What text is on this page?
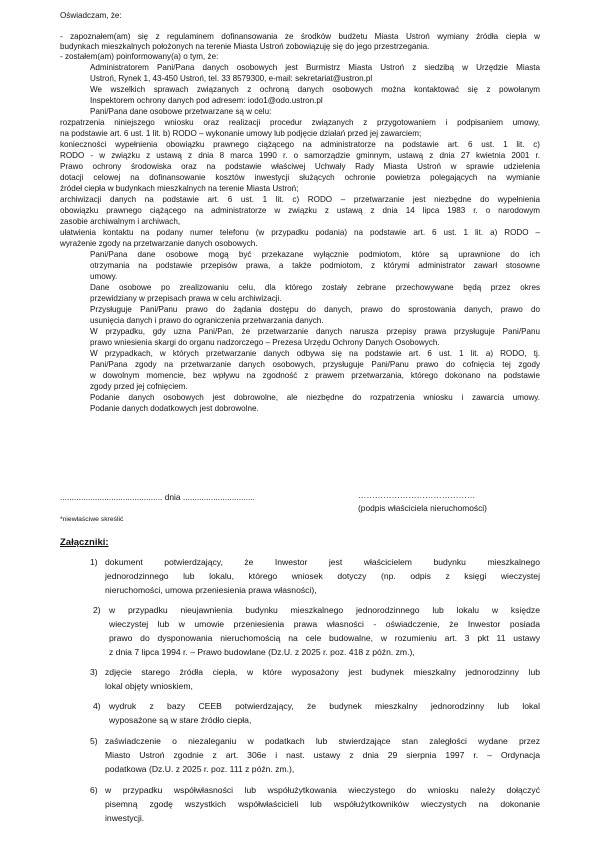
Oświadczam, że:
- zapoznałem(am) się z regulaminem dofinansowania ze środków budżetu Miasta Ustroń wymiany źródła ciepła w
budynkach mieszkalnych położonych na terenie Miasta Ustroń zobowiązuję się do jego przestrzegania.
- zostałem(am) poinformowany(a) o tym, że:
Administratorem Pani/Pana danych osobowych jest Burmistrz Miasta Ustroń z siedzibą w Urzędzie Miasta
Ustroń, Rynek 1, 43-450 Ustroń, tel. 33 8579300, e-mail: sekretariat@ustron.pl
We wszelkich sprawach związanych z ochroną danych osobowych można kontaktować się z powołanym
Inspektorem ochrony danych pod adresem: iodo1@odo.ustron.pl
Pani/Pana dane osobowe przetwarzane są w celu:
rozpatrzenia niniejszego wniosku oraz realizacji procedur związanych z przygotowaniem i podpisaniem umowy,
na podstawie art. 6 ust. 1 lit. b) RODO – wykonanie umowy lub podjęcie działań przed jej zawarciem;
konieczności wypełnienia obowiązku prawnego ciążącego na administratorze na podstawie art. 6 ust. 1 lit. c)
RODO - w związku z ustawą z dnia 8 marca 1990 r. o samorządzie gminnym, ustawą z dnia 27 kwietnia 2001 r.
Prawo ochrony środowiska oraz na podstawie właściwej Uchwały Rady Miasta Ustroń w sprawie udzielenia
dotacji celowej na dofinansowanie kosztów inwestycji służących ochronie powietrza polegających na wymianie
źródeł ciepła w budynkach mieszkalnych na terenie Miasta Ustroń;
archiwizacji danych na podstawie art. 6 ust. 1 lit. c) RODO – przetwarzanie jest niezbędne do wypełnienia
obowiązku prawnego ciążącego na administratorze w związku z ustawą z dnia 14 lipca 1983 r. o narodowym
zasobie archiwalnym i archiwach,
ułatwienia kontaktu na podany numer telefonu (w przypadku podania) na podstawie art. 6 ust. 1 lit. a) RODO –
wyrażenie zgody na przetwarzanie danych osobowych.
Pani/Pana dane osobowe mogą być przekazane wyłącznie podmiotom, które są uprawnione do ich
otrzymania na podstawie przepisów prawa, a także podmiotom, z którymi administrator zawarł stosowne
umowy.
Dane osobowe po zrealizowaniu celu, dla którego zostały zebrane przechowywane będą przez okres
przewidziany w przepisach prawa w celu archiwizacji.
Przysługuje Pani/Panu prawo do żądania dostępu do danych, prawo do sprostowania danych, prawo do
usunięcia danych i prawo do ograniczenia przetwarzania danych.
W przypadku, gdy uzna Pani/Pan, że przetwarzanie danych narusza przepisy prawa przysługuje Pani/Panu
prawo wniesienia skargi do organu nadzorczego – Prezesa Urzędu Ochrony Danych Osobowych.
W przypadkach, w których przetwarzanie danych odbywa się na podstawie art. 6 ust. 1 lit. a) RODO, tj.
Pani/Pana zgody na przetwarzanie danych osobowych, przysługuje Pani/Panu prawo do cofnięcia tej zgody
w dowolnym momencie, bez wpływu na zgodność z prawem przetwarzania, którego dokonano na podstawie
zgody przed jej cofnięciem.
Podanie danych osobowych jest dobrowolne, ale niezbędne do rozpatrzenia wniosku i zawarcia umowy.
Podanie danych dodatkowych jest dobrowolne.
............................................ dnia ...............................	……………………………………
(podpis właściciela nieruchomości)
*niewłaściwe skreślić
Załączniki:
1) dokument potwierdzający, że Inwestor jest właścicielem budynku mieszkalnego
jednorodzinnego lub lokalu, którego wniosek dotyczy (np. odpis z księgi wieczystej
nieruchomości, umowa przeniesienia prawa własności),
2) w przypadku nieujawnienia budynku mieszkalnego jednorodzinnego lub lokalu w księdze
wieczystej lub w umowie przeniesienia prawa własności - oświadczenie, że Inwestor posiada
prawo do dysponowania nieruchomością na cele budowalne, w rozumieniu art. 3 pkt 11 ustawy
z dnia 7 lipca 1994 r. – Prawo budowlane (Dz.U. z 2025 r. poz. 418 z późn. zm.),
3) zdjęcie starego źródła ciepła, w które wyposażony jest budynek mieszkalny jednorodzinny lub
lokal objęty wnioskiem,
4) wydruk z bazy CEEB potwierdzający, że budynek mieszkalny jednorodzinny lub lokal
wyposażone są w stare źródło ciepła,
5) zaświadczenie o niezaleganiu w podatkach lub stwierdzające stan zaległości wydane przez
Miasto Ustroń zgodnie z art. 306e i nast. ustawy z dnia 29 sierpnia 1997 r. – Ordynacja
podatkowa (Dz.U. z 2025 r. poz. 111 z późn. zm.),
6) w przypadku współwłasności lub współużytkowania wieczystego do wniosku należy dołączyć
pisemną zgodę wszystkich współwłaścicieli lub współużytkowników wieczystych na dokonanie
inwestycji.
